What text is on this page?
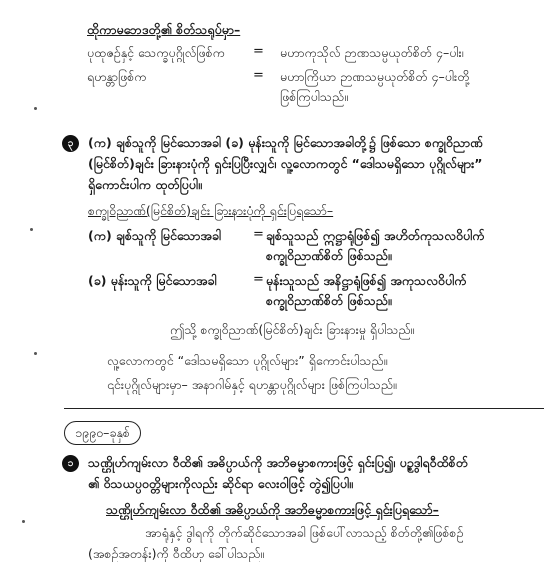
ထိုကာမဘေဒတို့၏ စိတ်သရုပ်မှာ–
ပုထုဇဉ်နှင့် သေက္ခပုဂ္ဂိုလ်ဖြစ်က = မဟာကုသိုလ် ဉာဏသမ္ပယုတ်စိတ် ၄–ပါး၊
ရဟန္တာဖြစ်က	= မဟာကြိယာ ဉာဏသမ္ပယုတ်စိတ် ၄–ပါးတို့
ဖြစ်ကြပါသည်။
၃	(က) ချစ်သူကို မြင်သောအခါ (ခ) မုန်းသူကို မြင်သောအခါတို့၌ ဖြစ်သော စက္ခုဝိညာဏ်
(မြင်စိတ်)ချင်း ခြားနားပုံကို ရှင်းပြပြီးလျှင်၊ လူ့လောကတွင် “ဒေါသမရှိသော ပုဂ္ဂိုလ်များ”
ရှိကောင်းပါက ထုတ်ပြပါ။
စက္ခုဝိညာဏ်(မြင်စိတ်)ချင်း ခြားနားပုံကို ရှင်းပြရသော်–
(က) ချစ်သူကို မြင်သောအခါ = ချစ်သူသည် ဣဋ္ဌာရုံဖြစ်၍ အဟိတ်ကုသလဝိပါက်
စက္ခုဝိညာဏ်စိတ် ဖြစ်သည်။
(ခ) မုန်းသူကို မြင်သောအခါ	= မုန်းသူသည် အနိဋ္ဌာရုံဖြစ်၍ အကုသလဝိပါက်
စက္ခုဝိညာဏ်စိတ် ဖြစ်သည်။
ဤသို့ စက္ခုဝိညာဏ်(မြင်စိတ်)ချင်း ခြားနားမှု ရှိပါသည်။
လူ့လောကတွင် “ဒေါသမရှိသော ပုဂ္ဂိုလ်များ” ရှိကောင်းပါသည်။
၎င်းပုဂ္ဂိုလ်များမှာ– အနာဂါမ်နှင့် ရဟန္တာပုဂ္ဂိုလ်များ ဖြစ်ကြပါသည်။
၁၉၉၀–ခုနှစ်
၁	သဏ္ဌိုဟ်ကျမ်းလာ ဝီထိ၏ အဓိပ္ပာယ်ကို အဘိဓမ္မာစကားဖြင့် ရှင်းပြ၍၊ ပဉ္စဒွါရဝီထိစိတ်
၏ ဝိသယပ္ပဝတ္တိများကိုလည်း ဆိုင်ရာ လေးဝါဖြင့် တွဲ၍ပြပါ။
သဏ္ဌိုဟ်ကျမ်းလာ ဝီထိ၏ အဓိပ္ပာယ်ကို အဘိဓမ္မာစကားဖြင့် ရှင်းပြရသော်–
အာရုံနှင့် ဒွါရကို တိုက်ဆိုင်သောအခါ ဖြစ်ပေါ်လာသည့် စိတ်တို့၏ဖြစ်စဉ်
(အစဉ်အတန်း)ကို ဝီထိဟု ခေါ်ပါသည်။
